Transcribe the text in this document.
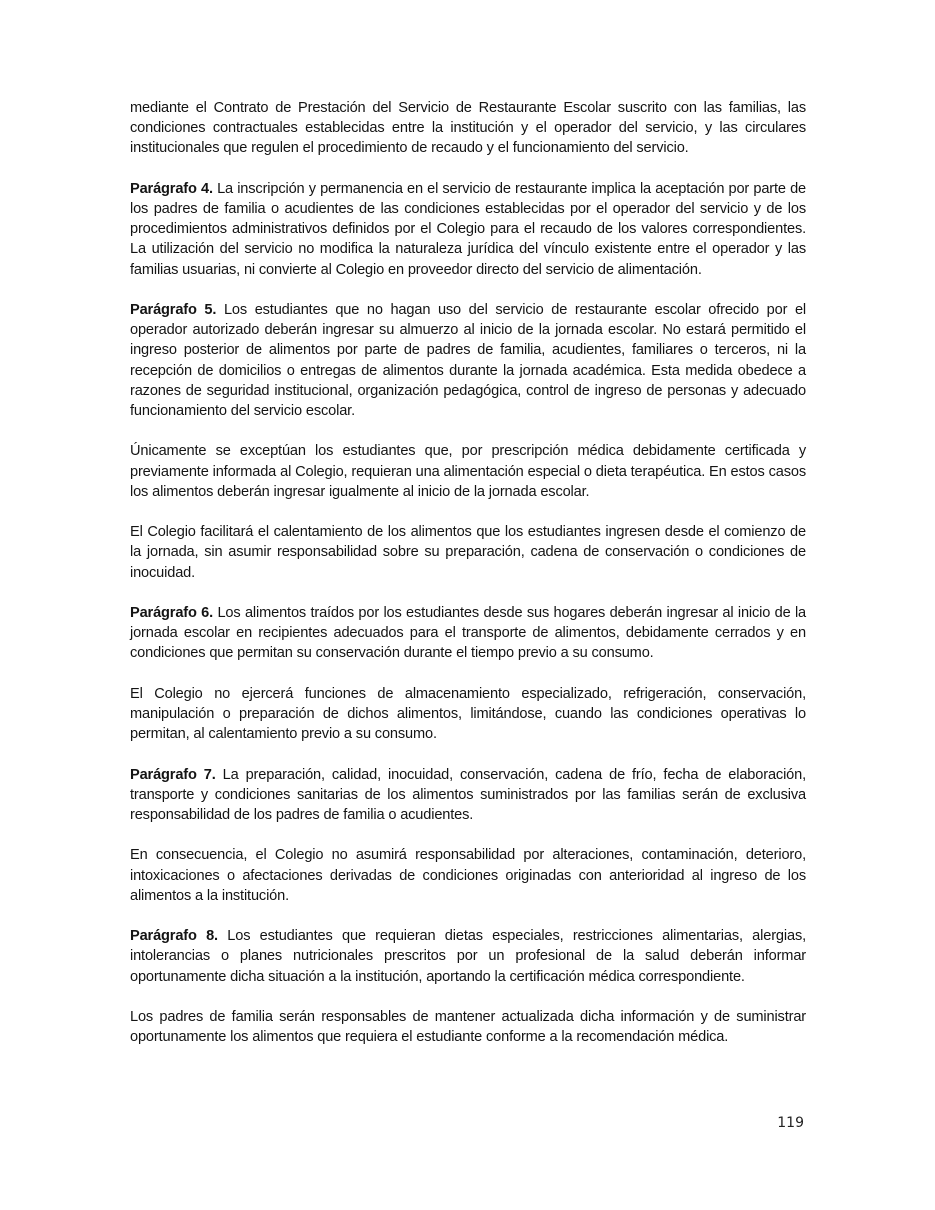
mediante el Contrato de Prestación del Servicio de Restaurante Escolar suscrito con las familias, las condiciones contractuales establecidas entre la institución y el operador del servicio, y las circulares institucionales que regulen el procedimiento de recaudo y el funcionamiento del servicio.

Parágrafo 4. La inscripción y permanencia en el servicio de restaurante implica la aceptación por parte de los padres de familia o acudientes de las condiciones establecidas por el operador del servicio y de los procedimientos administrativos definidos por el Colegio para el recaudo de los valores correspondientes. La utilización del servicio no modifica la naturaleza jurídica del vínculo existente entre el operador y las familias usuarias, ni convierte al Colegio en proveedor directo del servicio de alimentación.

Parágrafo 5. Los estudiantes que no hagan uso del servicio de restaurante escolar ofrecido por el operador autorizado deberán ingresar su almuerzo al inicio de la jornada escolar. No estará permitido el ingreso posterior de alimentos por parte de padres de familia, acudientes, familiares o terceros, ni la recepción de domicilios o entregas de alimentos durante la jornada académica. Esta medida obedece a razones de seguridad institucional, organización pedagógica, control de ingreso de personas y adecuado funcionamiento del servicio escolar.

Únicamente se exceptúan los estudiantes que, por prescripción médica debidamente certificada y previamente informada al Colegio, requieran una alimentación especial o dieta terapéutica. En estos casos los alimentos deberán ingresar igualmente al inicio de la jornada escolar.

El Colegio facilitará el calentamiento de los alimentos que los estudiantes ingresen desde el comienzo de la jornada, sin asumir responsabilidad sobre su preparación, cadena de conservación o condiciones de inocuidad.

Parágrafo 6. Los alimentos traídos por los estudiantes desde sus hogares deberán ingresar al inicio de la jornada escolar en recipientes adecuados para el transporte de alimentos, debidamente cerrados y en condiciones que permitan su conservación durante el tiempo previo a su consumo.

El Colegio no ejercerá funciones de almacenamiento especializado, refrigeración, conservación, manipulación o preparación de dichos alimentos, limitándose, cuando las condiciones operativas lo permitan, al calentamiento previo a su consumo.

Parágrafo 7. La preparación, calidad, inocuidad, conservación, cadena de frío, fecha de elaboración, transporte y condiciones sanitarias de los alimentos suministrados por las familias serán de exclusiva responsabilidad de los padres de familia o acudientes.

En consecuencia, el Colegio no asumirá responsabilidad por alteraciones, contaminación, deterioro, intoxicaciones o afectaciones derivadas de condiciones originadas con anterioridad al ingreso de los alimentos a la institución.

Parágrafo 8. Los estudiantes que requieran dietas especiales, restricciones alimentarias, alergias, intolerancias o planes nutricionales prescritos por un profesional de la salud deberán informar oportunamente dicha situación a la institución, aportando la certificación médica correspondiente.

Los padres de familia serán responsables de mantener actualizada dicha información y de suministrar oportunamente los alimentos que requiera el estudiante conforme a la recomendación médica.

119
